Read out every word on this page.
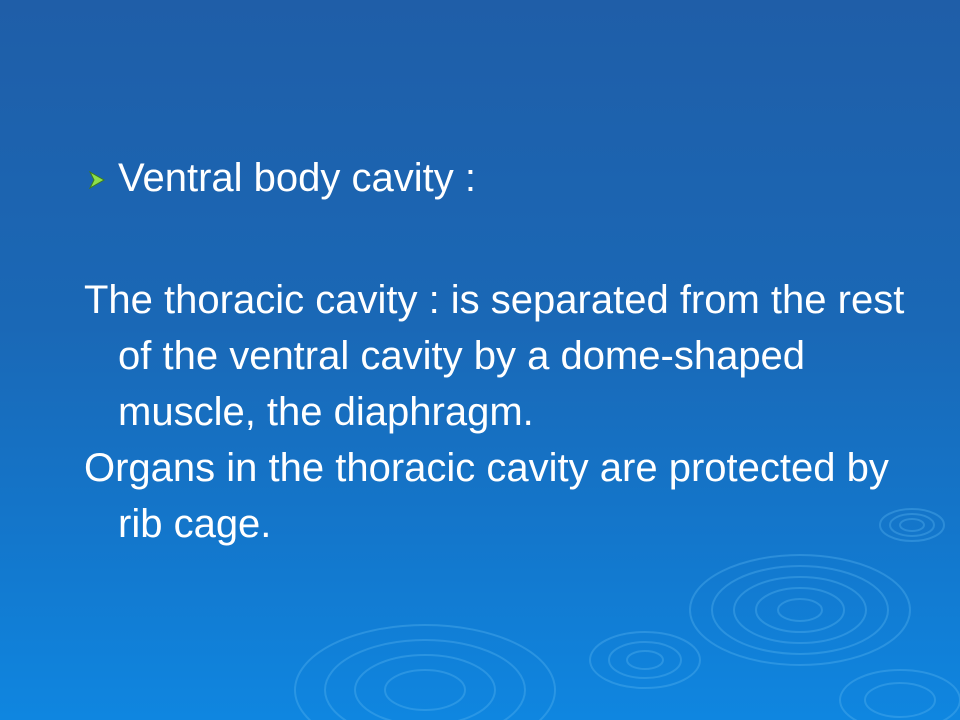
Ventral body cavity :
The thoracic cavity : is separated from the rest of the ventral cavity by a dome-shaped muscle, the diaphragm.
Organs in the thoracic cavity are protected by rib cage.
